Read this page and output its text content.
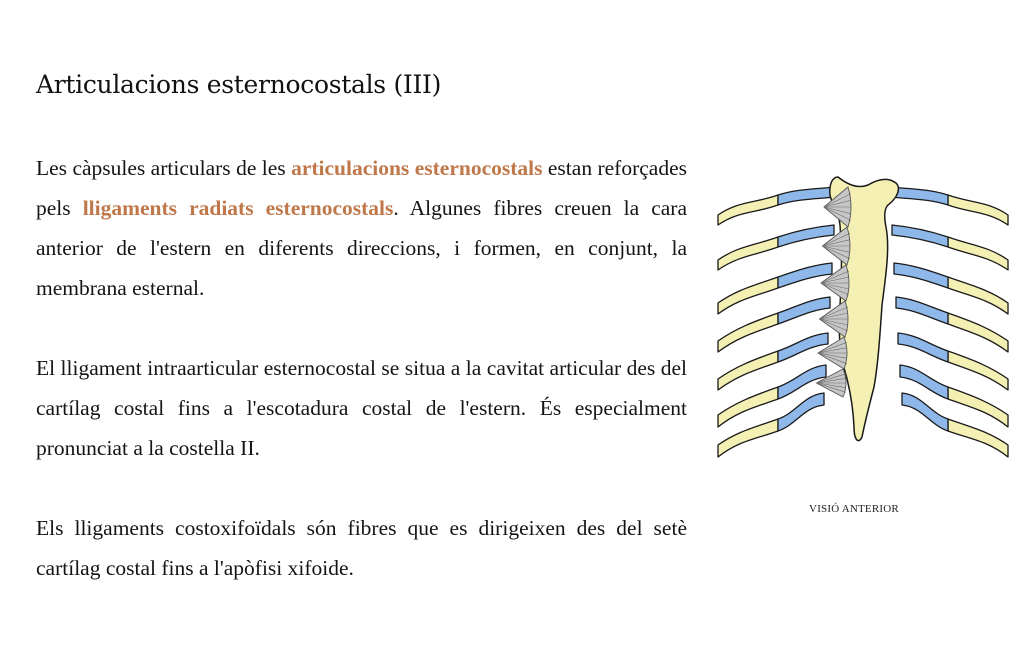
Articulacions esternocostals (III)

Les càpsules articulars de les articulacions esternocostals estan reforçades pels lligaments radiats esternocostals. Algunes fibres creuen la cara anterior de l'estern en diferents direccions, i formen, en conjunt, la membrana esternal.

El lligament intraarticular esternocostal se situa a la cavitat articular des del cartílag costal fins a l'escotadura costal de l'estern. És especialment pronunciat a la costella II.

Els lligaments costoxifoïdals són fibres que es dirigeixen des del setè cartílag costal fins a l'apòfisi xifoide.

VISIÓ ANTERIOR
